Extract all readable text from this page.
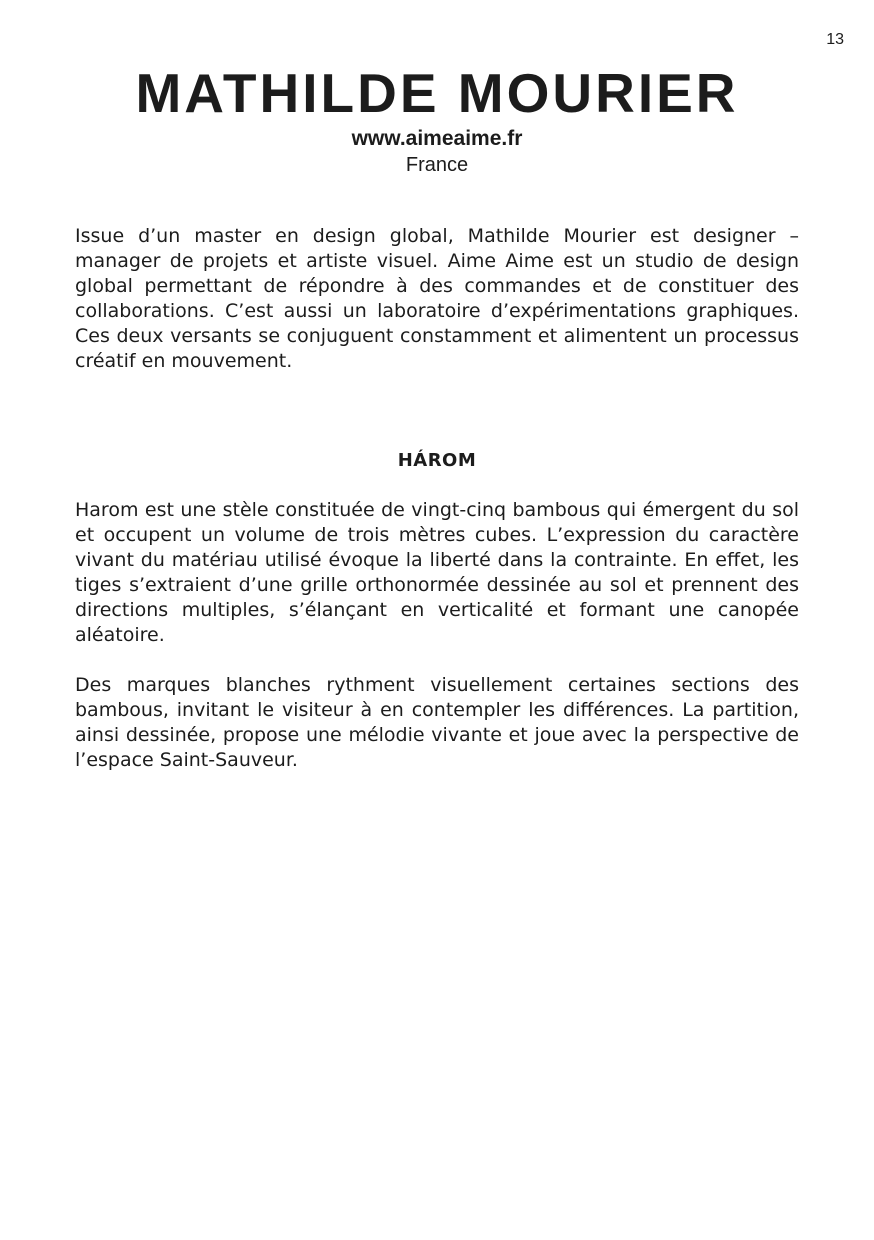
13
MATHILDE MOURIER
www.aimeaime.fr
France

Issue d’un master en design global, Mathilde Mourier est designer – manager de projets et artiste visuel. Aime Aime est un studio de design global permettant de répondre à des commandes et de constituer des collaborations. C’est aussi un laboratoire d’expérimentations graphiques. Ces deux versants se conjuguent constamment et alimentent un processus créatif en mouvement.

HÁROM

Harom est une stèle constituée de vingt-cinq bambous qui émergent du sol et occupent un volume de trois mètres cubes. L’expression du caractère vivant du matériau utilisé évoque la liberté dans la contrainte. En effet, les tiges s’extraient d’une grille orthonormée dessinée au sol et prennent des directions multiples, s’élançant en verticalité et formant une canopée aléatoire.

Des marques blanches rythment visuellement certaines sections des bambous, invitant le visiteur à en contempler les différences. La partition, ainsi dessinée, propose une mélodie vivante et joue avec la perspective de l’espace Saint-Sauveur.
